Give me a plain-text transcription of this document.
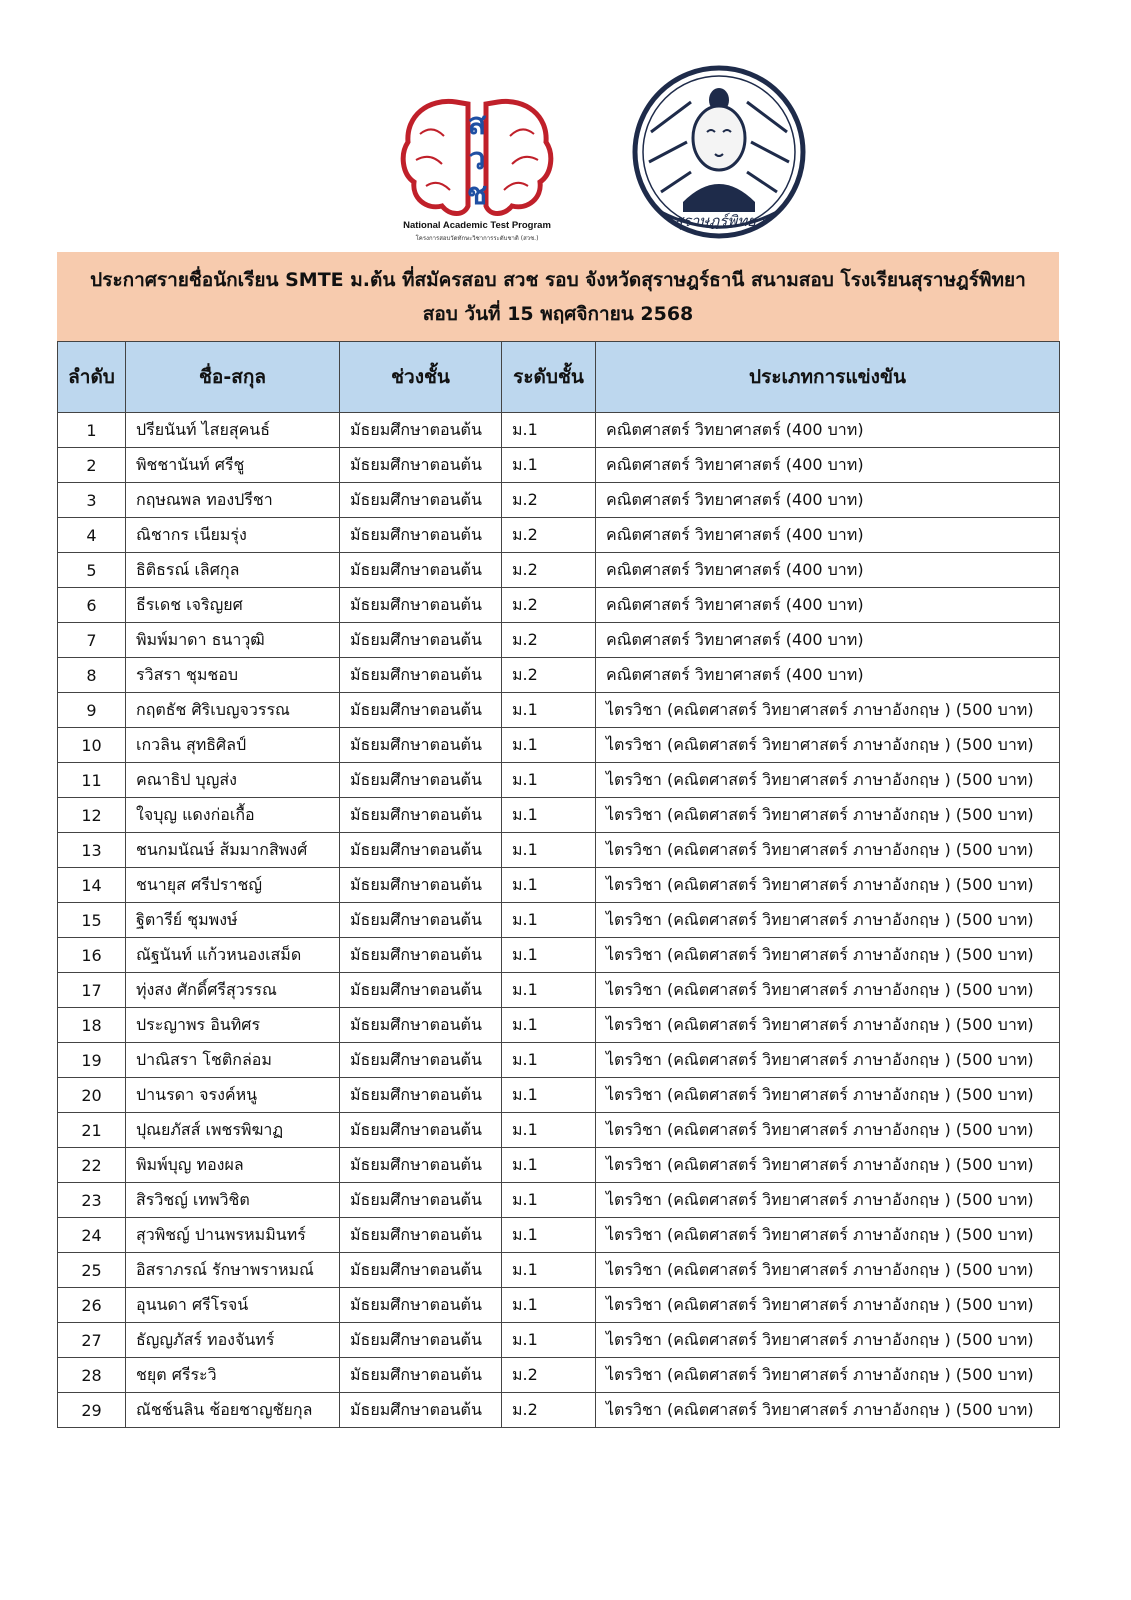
ส
ว
ช
National Academic Test Program
โครงการสอบวัดทักษะวิชาการระดับชาติ (สวช.)
สุราษฎร์พิทยา
ประกาศรายชื่อนักเรียน SMTE ม.ต้น ที่สมัครสอบ สวช รอบ จังหวัดสุราษฎร์ธานี สนามสอบ โรงเรียนสุราษฎร์พิทยา
สอบ วันที่ 15 พฤศจิกายน 2568
ลำดับ	ชื่อ-สกุล	ช่วงชั้น	ระดับชั้น	ประเภทการแข่งขัน
1	ปรียนันท์ ไสยสุคนธ์	มัธยมศึกษาตอนต้น	ม.1	คณิตศาสตร์ วิทยาศาสตร์ (400 บาท)
2	พิชชานันท์ ศรีชู	มัธยมศึกษาตอนต้น	ม.1	คณิตศาสตร์ วิทยาศาสตร์ (400 บาท)
3	กฤษณพล ทองปรีชา	มัธยมศึกษาตอนต้น	ม.2	คณิตศาสตร์ วิทยาศาสตร์ (400 บาท)
4	ณิชากร เนียมรุ่ง	มัธยมศึกษาตอนต้น	ม.2	คณิตศาสตร์ วิทยาศาสตร์ (400 บาท)
5	ธิติธรณ์ เลิศกุล	มัธยมศึกษาตอนต้น	ม.2	คณิตศาสตร์ วิทยาศาสตร์ (400 บาท)
6	ธีรเดช เจริญยศ	มัธยมศึกษาตอนต้น	ม.2	คณิตศาสตร์ วิทยาศาสตร์ (400 บาท)
7	พิมพ์มาดา ธนาวุฒิ	มัธยมศึกษาตอนต้น	ม.2	คณิตศาสตร์ วิทยาศาสตร์ (400 บาท)
8	รวิสรา ชุมชอบ	มัธยมศึกษาตอนต้น	ม.2	คณิตศาสตร์ วิทยาศาสตร์ (400 บาท)
9	กฤตธัช ศิริเบญจวรรณ	มัธยมศึกษาตอนต้น	ม.1	ไตรวิชา (คณิตศาสตร์ วิทยาศาสตร์ ภาษาอังกฤษ ) (500 บาท)
10	เกวลิน สุทธิศิลป์	มัธยมศึกษาตอนต้น	ม.1	ไตรวิชา (คณิตศาสตร์ วิทยาศาสตร์ ภาษาอังกฤษ ) (500 บาท)
11	คณาธิป บุญส่ง	มัธยมศึกษาตอนต้น	ม.1	ไตรวิชา (คณิตศาสตร์ วิทยาศาสตร์ ภาษาอังกฤษ ) (500 บาท)
12	ใจบุญ แดงก่อเกื้อ	มัธยมศึกษาตอนต้น	ม.1	ไตรวิชา (คณิตศาสตร์ วิทยาศาสตร์ ภาษาอังกฤษ ) (500 บาท)
13	ชนกมนัณษ์ ส้มมากสิพงศ์	มัธยมศึกษาตอนต้น	ม.1	ไตรวิชา (คณิตศาสตร์ วิทยาศาสตร์ ภาษาอังกฤษ ) (500 บาท)
14	ชนายุส ศรีปราชญ์	มัธยมศึกษาตอนต้น	ม.1	ไตรวิชา (คณิตศาสตร์ วิทยาศาสตร์ ภาษาอังกฤษ ) (500 บาท)
15	ฐิตารีย์ ชุมพงษ์	มัธยมศึกษาตอนต้น	ม.1	ไตรวิชา (คณิตศาสตร์ วิทยาศาสตร์ ภาษาอังกฤษ ) (500 บาท)
16	ณัฐนันท์ แก้วหนองเสม็ด	มัธยมศึกษาตอนต้น	ม.1	ไตรวิชา (คณิตศาสตร์ วิทยาศาสตร์ ภาษาอังกฤษ ) (500 บาท)
17	ทุ่งสง ศักดิ์ศรีสุวรรณ	มัธยมศึกษาตอนต้น	ม.1	ไตรวิชา (คณิตศาสตร์ วิทยาศาสตร์ ภาษาอังกฤษ ) (500 บาท)
18	ประญาพร อินทิศร	มัธยมศึกษาตอนต้น	ม.1	ไตรวิชา (คณิตศาสตร์ วิทยาศาสตร์ ภาษาอังกฤษ ) (500 บาท)
19	ปาณิสรา โชติกล่อม	มัธยมศึกษาตอนต้น	ม.1	ไตรวิชา (คณิตศาสตร์ วิทยาศาสตร์ ภาษาอังกฤษ ) (500 บาท)
20	ปานรดา จรงค์หนู	มัธยมศึกษาตอนต้น	ม.1	ไตรวิชา (คณิตศาสตร์ วิทยาศาสตร์ ภาษาอังกฤษ ) (500 บาท)
21	ปุณยภัสส์ เพชรพิฆาฏ	มัธยมศึกษาตอนต้น	ม.1	ไตรวิชา (คณิตศาสตร์ วิทยาศาสตร์ ภาษาอังกฤษ ) (500 บาท)
22	พิมพ์บุญ ทองผล	มัธยมศึกษาตอนต้น	ม.1	ไตรวิชา (คณิตศาสตร์ วิทยาศาสตร์ ภาษาอังกฤษ ) (500 บาท)
23	สิรวิชญ์ เทพวิชิต	มัธยมศึกษาตอนต้น	ม.1	ไตรวิชา (คณิตศาสตร์ วิทยาศาสตร์ ภาษาอังกฤษ ) (500 บาท)
24	สุวพิชญ์ ปานพรหมมินทร์	มัธยมศึกษาตอนต้น	ม.1	ไตรวิชา (คณิตศาสตร์ วิทยาศาสตร์ ภาษาอังกฤษ ) (500 บาท)
25	อิสราภรณ์ รักษาพราหมณ์	มัธยมศึกษาตอนต้น	ม.1	ไตรวิชา (คณิตศาสตร์ วิทยาศาสตร์ ภาษาอังกฤษ ) (500 บาท)
26	อุนนดา ศรีโรจน์	มัธยมศึกษาตอนต้น	ม.1	ไตรวิชา (คณิตศาสตร์ วิทยาศาสตร์ ภาษาอังกฤษ ) (500 บาท)
27	ธัญญภัสร์ ทองจันทร์	มัธยมศึกษาตอนต้น	ม.1	ไตรวิชา (คณิตศาสตร์ วิทยาศาสตร์ ภาษาอังกฤษ ) (500 บาท)
28	ชยุต ศรีระวิ	มัธยมศึกษาตอนต้น	ม.2	ไตรวิชา (คณิตศาสตร์ วิทยาศาสตร์ ภาษาอังกฤษ ) (500 บาท)
29	ณัชช์นลิน ช้อยชาญชัยกุล	มัธยมศึกษาตอนต้น	ม.2	ไตรวิชา (คณิตศาสตร์ วิทยาศาสตร์ ภาษาอังกฤษ ) (500 บาท)
